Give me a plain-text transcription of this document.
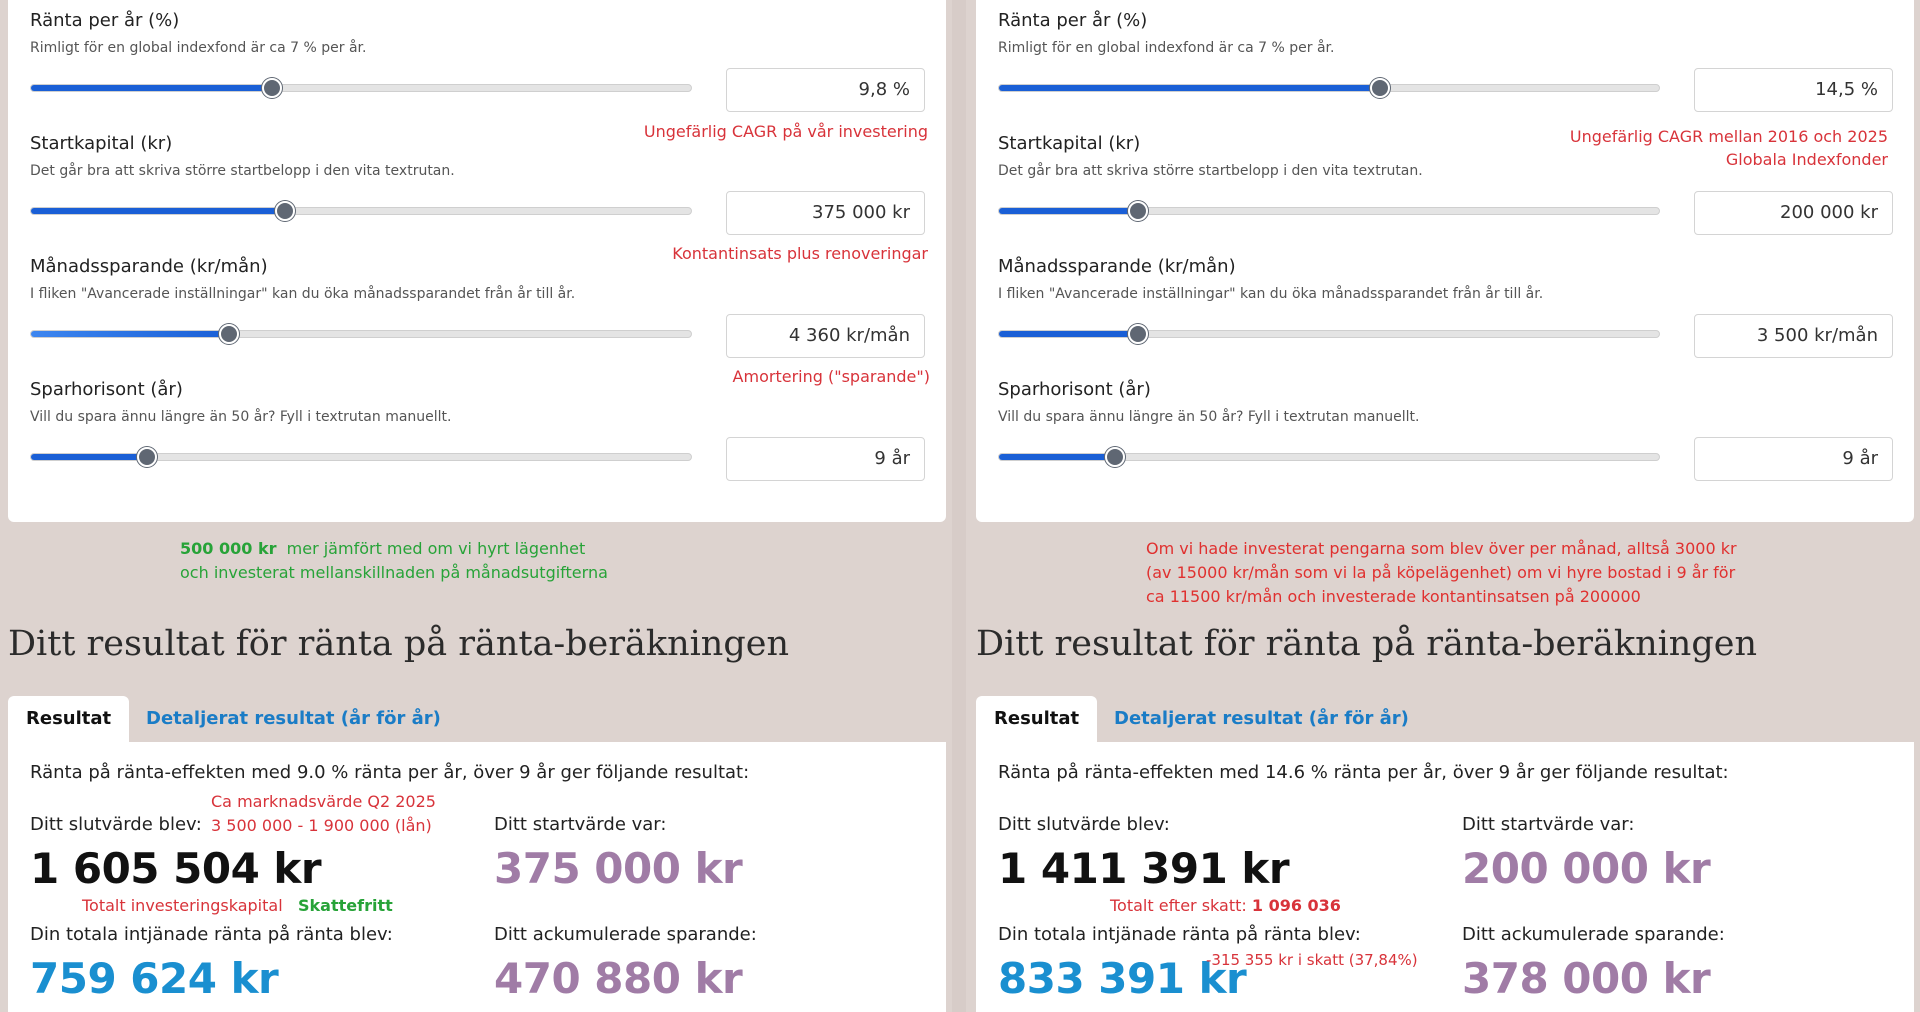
Ränta per år (%)
Rimligt för en global indexfond är ca 7 % per år.
9,8 %
Startkapital (kr)
Det går bra att skriva större startbelopp i den vita textrutan.
375 000 kr
Månadssparande (kr/mån)
I fliken "Avancerade inställningar" kan du öka månadssparandet från år till år.
4 360 kr/mån
Sparhorisont (år)
Vill du spara ännu längre än 50 år? Fyll i textrutan manuellt.
9 år
Ungefärlig CAGR på vår investering
Kontantinsats plus renoveringar
Amortering ("sparande")
500 000 kr mer jämfört med om vi hyrt lägenhet
och investerat mellanskillnaden på månadsutgifterna
Ditt resultat för ränta på ränta-beräkningen
Resultat	Detaljerat resultat (år för år)
Ränta på ränta-effekten med 9.0 % ränta per år, över 9 år ger följande resultat:
Ditt slutvärde blev:
1 605 504 kr
Ditt startvärde var:
375 000 kr
Din totala intjänade ränta på ränta blev:
759 624 kr
Ditt ackumulerade sparande:
470 880 kr
Ca marknadsvärde Q2 2025
3 500 000 - 1 900 000 (lån)
Totalt investeringskapital Skattefritt
Ränta per år (%)
Rimligt för en global indexfond är ca 7 % per år.
14,5 %
Startkapital (kr)
Det går bra att skriva större startbelopp i den vita textrutan.
200 000 kr
Månadssparande (kr/mån)
I fliken "Avancerade inställningar" kan du öka månadssparandet från år till år.
3 500 kr/mån
Sparhorisont (år)
Vill du spara ännu längre än 50 år? Fyll i textrutan manuellt.
9 år
Ungefärlig CAGR mellan 2016 och 2025
Globala Indexfonder
Om vi hade investerat pengarna som blev över per månad, alltså 3000 kr
(av 15000 kr/mån som vi la på köpelägenhet) om vi hyre bostad i 9 år för
ca 11500 kr/mån och investerade kontantinsatsen på 200000
Ditt resultat för ränta på ränta-beräkningen
Resultat	Detaljerat resultat (år för år)
Ränta på ränta-effekten med 14.6 % ränta per år, över 9 år ger följande resultat:
Ditt slutvärde blev:
1 411 391 kr
Ditt startvärde var:
200 000 kr
Din totala intjänade ränta på ränta blev:
833 391 kr
Ditt ackumulerade sparande:
378 000 kr
Totalt efter skatt: 1 096 036
-315 355 kr i skatt (37,84%)
